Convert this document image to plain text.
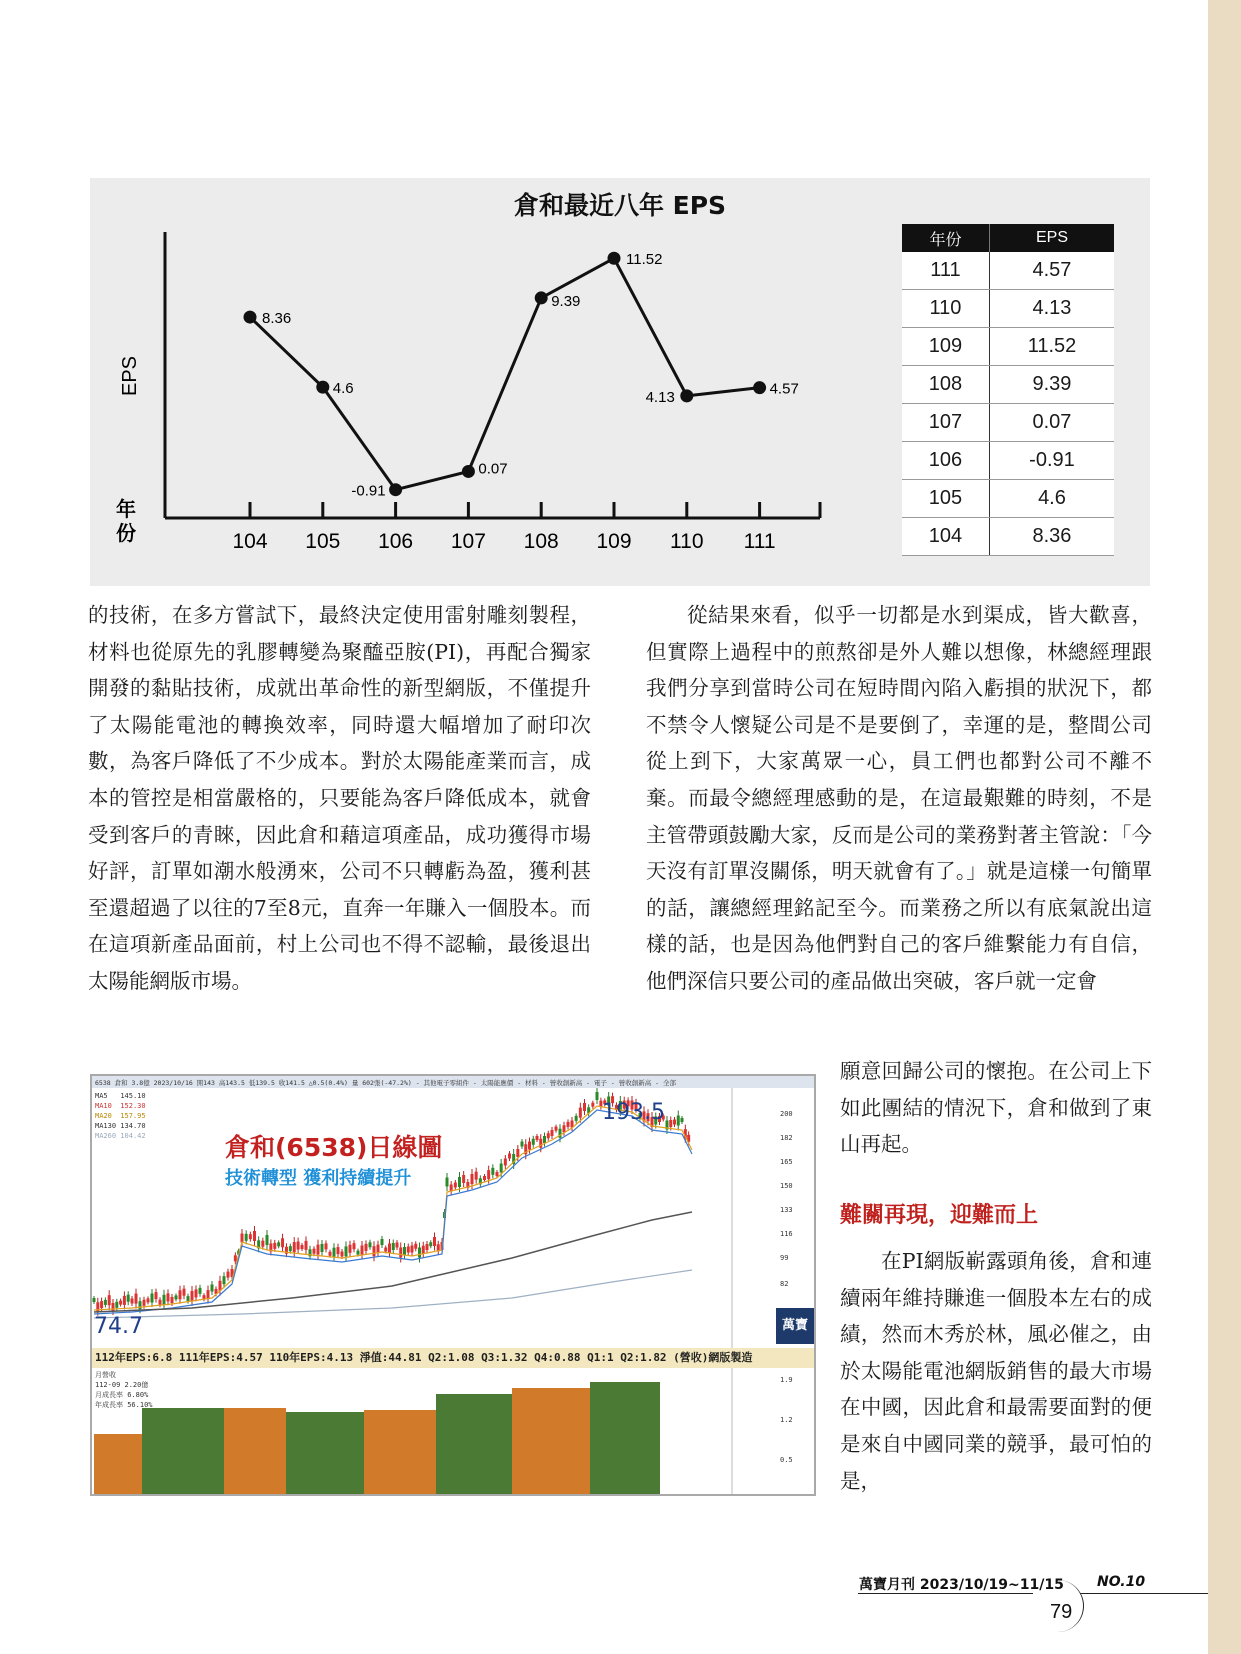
倉和最近八年 EPS
EPS
年
份	104 105 106 107 108 109 110 111
8.36
4.6
-0.91
0.07
9.39
11.52
4.13	4.57
年份	EPS
111	4.57
110	4.13
109	11.52
108	9.39
107	0.07
106	-0.91
105	4.6
104	8.36

的技術，在多方嘗試下，最終決定使用雷射雕刻製程，材料也從原先的乳膠轉變為聚醯亞胺(PI)，再配合獨家開發的黏貼技術，成就出革命性的新型網版，不僅提升了太陽能電池的轉換效率，同時還大幅增加了耐印次數，為客戶降低了不少成本。對於太陽能產業而言，成本的管控是相當嚴格的，只要能為客戶降低成本，就會受到客戶的青睞，因此倉和藉這項產品，成功獲得市場好評，訂單如潮水般湧來，公司不只轉虧為盈，獲利甚至還超過了以往的7至8元，直奔一年賺入一個股本。而在這項新產品面前，村上公司也不得不認輸，最後退出太陽能網版市場。

從結果來看，似乎一切都是水到渠成，皆大歡喜，但實際上過程中的煎熬卻是外人難以想像，林總經理跟我們分享到當時公司在短時間內陷入虧損的狀況下，都不禁令人懷疑公司是不是要倒了，幸運的是，整間公司從上到下，大家萬眾一心，員工們也都對公司不離不棄。而最令總經理感動的是，在這最艱難的時刻，不是主管帶頭鼓勵大家，反而是公司的業務對著主管說：「今天沒有訂單沒關係，明天就會有了。」就是這樣一句簡單的話，讓總經理銘記至今。而業務之所以有底氣說出這樣的話，也是因為他們對自己的客戶維繫能力有自信，他們深信只要公司的產品做出突破，客戶就一定會

願意回歸公司的懷抱。在公司上下如此團結的情況下，倉和做到了東山再起。

難關再現，迎難而上

在PI網版嶄露頭角後，倉和連續兩年維持賺進一個股本左右的成績，然而木秀於林，風必催之，由於太陽能電池網版銷售的最大市場在中國，因此倉和最需要面對的便是來自中國同業的競爭，最可怕的是，

6538 倉和 3.8億 2023/10/16 開143 高143.5 低139.5 收141.5 △0.5(0.4%) 量 602張(-47.2%) - 其他電子零組件 - 太陽能應價 - 材料 - 營收創新高 - 電子 - 營收創新高 - 全部
MA5 145.10
MA10 152.30
MA20 157.95
MA130 134.70
MA260 104.42	倉和(6538)日線圖
技術轉型 獲利持續提升
193.5
74.7
200
182
165
150
133
116
99
82
萬寶
112年EPS:6.8 111年EPS:4.57 110年EPS:4.13 淨值:44.81 Q2:1.08 Q3:1.32 Q4:0.88 Q1:1 Q2:1.82 (營收)網版製造
月營收
112-09 2.20億
月成長率 6.80%
年成長率 56.10%
1.9
1.2
0.5
萬寶月刊 2023/10/19~11/15 NO.10
79
